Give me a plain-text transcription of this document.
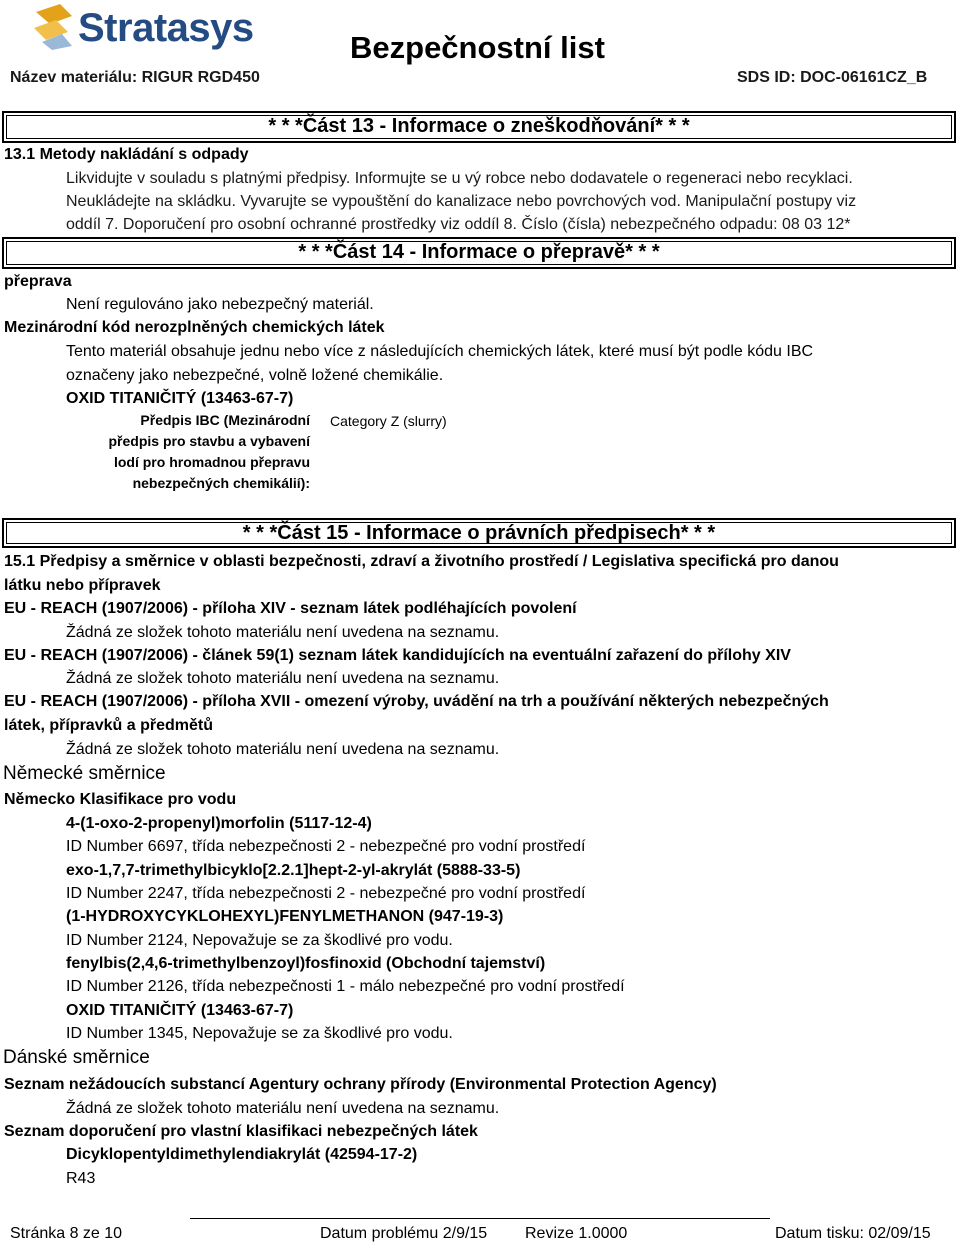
Stratasys	Bezpečnostní list
Název materiálu: RIGUR RGD450	SDS ID: DOC-06161CZ_B
* * *Část 13 - Informace o zneškodňování* * *
13.1 Metody nakládání s odpady
Likvidujte v souladu s platnými předpisy. Informujte se u vý robce nebo dodavatele o regeneraci nebo recyklaci.
Neukládejte na skládku. Vyvarujte se vypouštění do kanalizace nebo povrchových vod. Manipulační postupy viz
oddíl 7. Doporučení pro osobní ochranné prostředky viz oddíl 8. Číslo (čísla) nebezpečného odpadu: 08 03 12*
* * *Část 14 - Informace o přepravě* * *
přeprava
Není regulováno jako nebezpečný materiál.
Mezinárodní kód nerozplněných chemických látek
Tento materiál obsahuje jednu nebo více z následujících chemických látek, které musí být podle kódu IBC
označeny jako nebezpečné, volně ložené chemikálie.
OXID TITANIČITÝ (13463-67-7)
Předpis IBC (Mezinárodní
předpis pro stavbu a vybavení
lodí pro hromadnou přepravu
nebezpečných chemikálií):
Category Z (slurry)
* * *Část 15 - Informace o právních předpisech* * *
15.1 Předpisy a směrnice v oblasti bezpečnosti, zdraví a životního prostředí / Legislativa specifická pro danou
látku nebo přípravek
EU - REACH (1907/2006) - příloha XIV - seznam látek podléhajících povolení
Žádná ze složek tohoto materiálu není uvedena na seznamu.
EU - REACH (1907/2006) - článek 59(1) seznam látek kandidujících na eventuální zařazení do přílohy XIV
Žádná ze složek tohoto materiálu není uvedena na seznamu.
EU - REACH (1907/2006) - příloha XVII - omezení výroby, uvádění na trh a používání některých nebezpečných
látek, přípravků a předmětů
Žádná ze složek tohoto materiálu není uvedena na seznamu.
Německé směrnice
Německo Klasifikace pro vodu
4-(1-oxo-2-propenyl)morfolin (5117-12-4)
ID Number 6697, třída nebezpečnosti 2 - nebezpečné pro vodní prostředí
exo-1,7,7-trimethylbicyklo[2.2.1]hept-2-yl-akrylát (5888-33-5)
ID Number 2247, třída nebezpečnosti 2 - nebezpečné pro vodní prostředí
(1-HYDROXYCYKLOHEXYL)FENYLMETHANON (947-19-3)
ID Number 2124, Nepovažuje se za škodlivé pro vodu.
fenylbis(2,4,6-trimethylbenzoyl)fosfinoxid (Obchodní tajemství)
ID Number 2126, třída nebezpečnosti 1 - málo nebezpečné pro vodní prostředí
OXID TITANIČITÝ (13463-67-7)
ID Number 1345, Nepovažuje se za škodlivé pro vodu.
Dánské směrnice
Seznam nežádoucích substancí Agentury ochrany přírody (Environmental Protection Agency)
Žádná ze složek tohoto materiálu není uvedena na seznamu.
Seznam doporučení pro vlastní klasifikaci nebezpečných látek
Dicyklopentyldimethylendiakrylát (42594-17-2)
R43
Stránka 8 ze 10	Datum problému 2/9/15 Revize 1.0000	Datum tisku: 02/09/15
